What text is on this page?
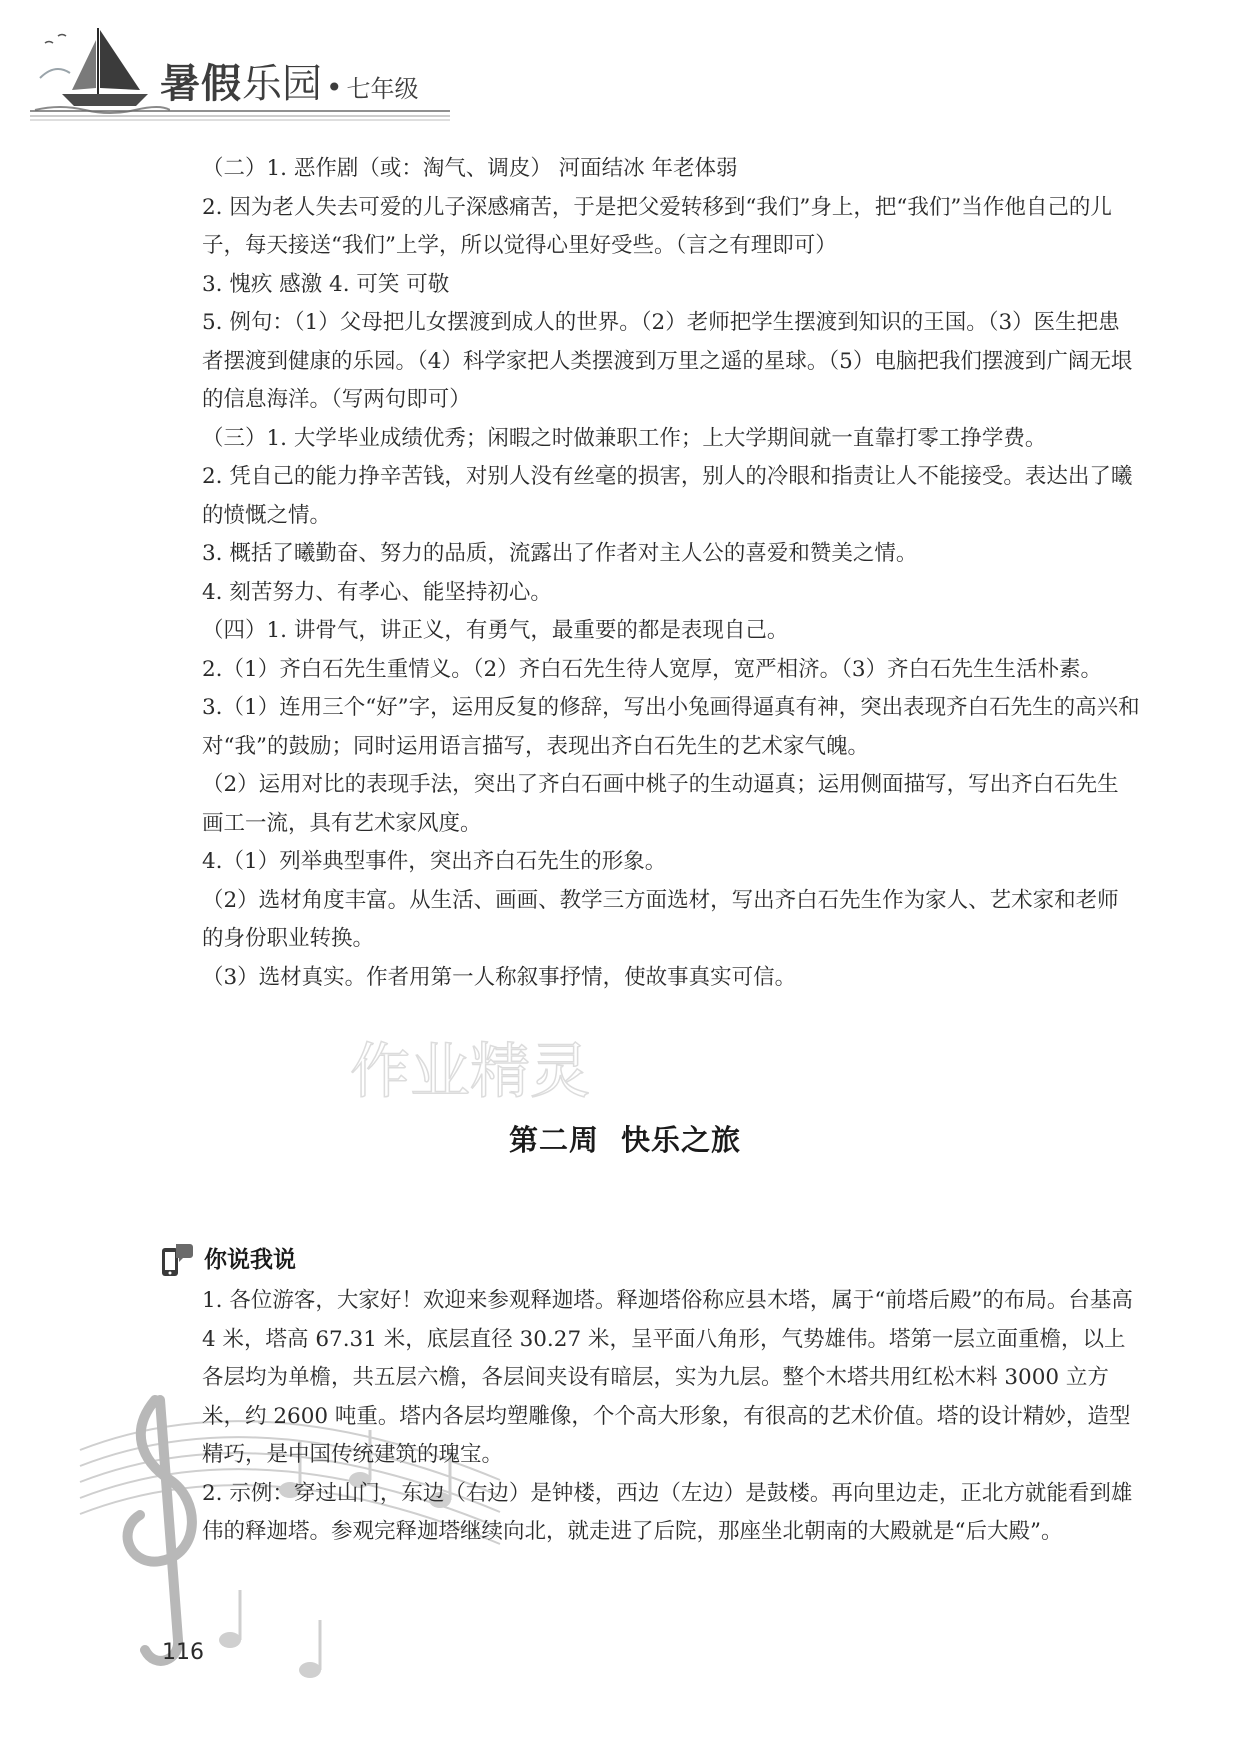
暑假乐园 • 七年级

（二）1. 恶作剧（或：淘气、调皮） 河面结冰 年老体弱

2. 因为老人失去可爱的儿子深感痛苦，于是把父爱转移到“我们”身上，把“我们”当作他自己的儿子，每天接送“我们”上学，所以觉得心里好受些。（言之有理即可）

3. 愧疚 感激 4. 可笑 可敬

5. 例句：（1）父母把儿女摆渡到成人的世界。（2）老师把学生摆渡到知识的王国。（3）医生把患者摆渡到健康的乐园。（4）科学家把人类摆渡到万里之遥的星球。（5）电脑把我们摆渡到广阔无垠的信息海洋。（写两句即可）

（三）1. 大学毕业成绩优秀；闲暇之时做兼职工作；上大学期间就一直靠打零工挣学费。

2. 凭自己的能力挣辛苦钱，对别人没有丝毫的损害，别人的冷眼和指责让人不能接受。表达出了曦的愤慨之情。

3. 概括了曦勤奋、努力的品质，流露出了作者对主人公的喜爱和赞美之情。

4. 刻苦努力、有孝心、能坚持初心。

（四）1. 讲骨气，讲正义，有勇气，最重要的都是表现自己。

2.（1）齐白石先生重情义。（2）齐白石先生待人宽厚，宽严相济。（3）齐白石先生生活朴素。

3.（1）连用三个“好”字，运用反复的修辞，写出小兔画得逼真有神，突出表现齐白石先生的高兴和对“我”的鼓励；同时运用语言描写，表现出齐白石先生的艺术家气魄。

（2）运用对比的表现手法，突出了齐白石画中桃子的生动逼真；运用侧面描写，写出齐白石先生画工一流，具有艺术家风度。

4.（1）列举典型事件，突出齐白石先生的形象。

（2）选材角度丰富。从生活、画画、教学三方面选材，写出齐白石先生作为家人、艺术家和老师的身份职业转换。

（3）选材真实。作者用第一人称叙事抒情，使故事真实可信。

作业精灵
第二周 快乐之旅
你说我说

1. 各位游客，大家好！欢迎来参观释迦塔。释迦塔俗称应县木塔，属于“前塔后殿”的布局。台基高 4 米，塔高 67.31 米，底层直径 30.27 米，呈平面八角形，气势雄伟。塔第一层立面重檐，以上各层均为单檐，共五层六檐，各层间夹设有暗层，实为九层。整个木塔共用红松木料 3000 立方米，约 2600 吨重。塔内各层均塑雕像，个个高大形象，有很高的艺术价值。塔的设计精妙，造型精巧，是中国传统建筑的瑰宝。

2. 示例：穿过山门，东边（右边）是钟楼，西边（左边）是鼓楼。再向里边走，正北方就能看到雄伟的释迦塔。参观完释迦塔继续向北，就走进了后院，那座坐北朝南的大殿就是“后大殿”。

116
